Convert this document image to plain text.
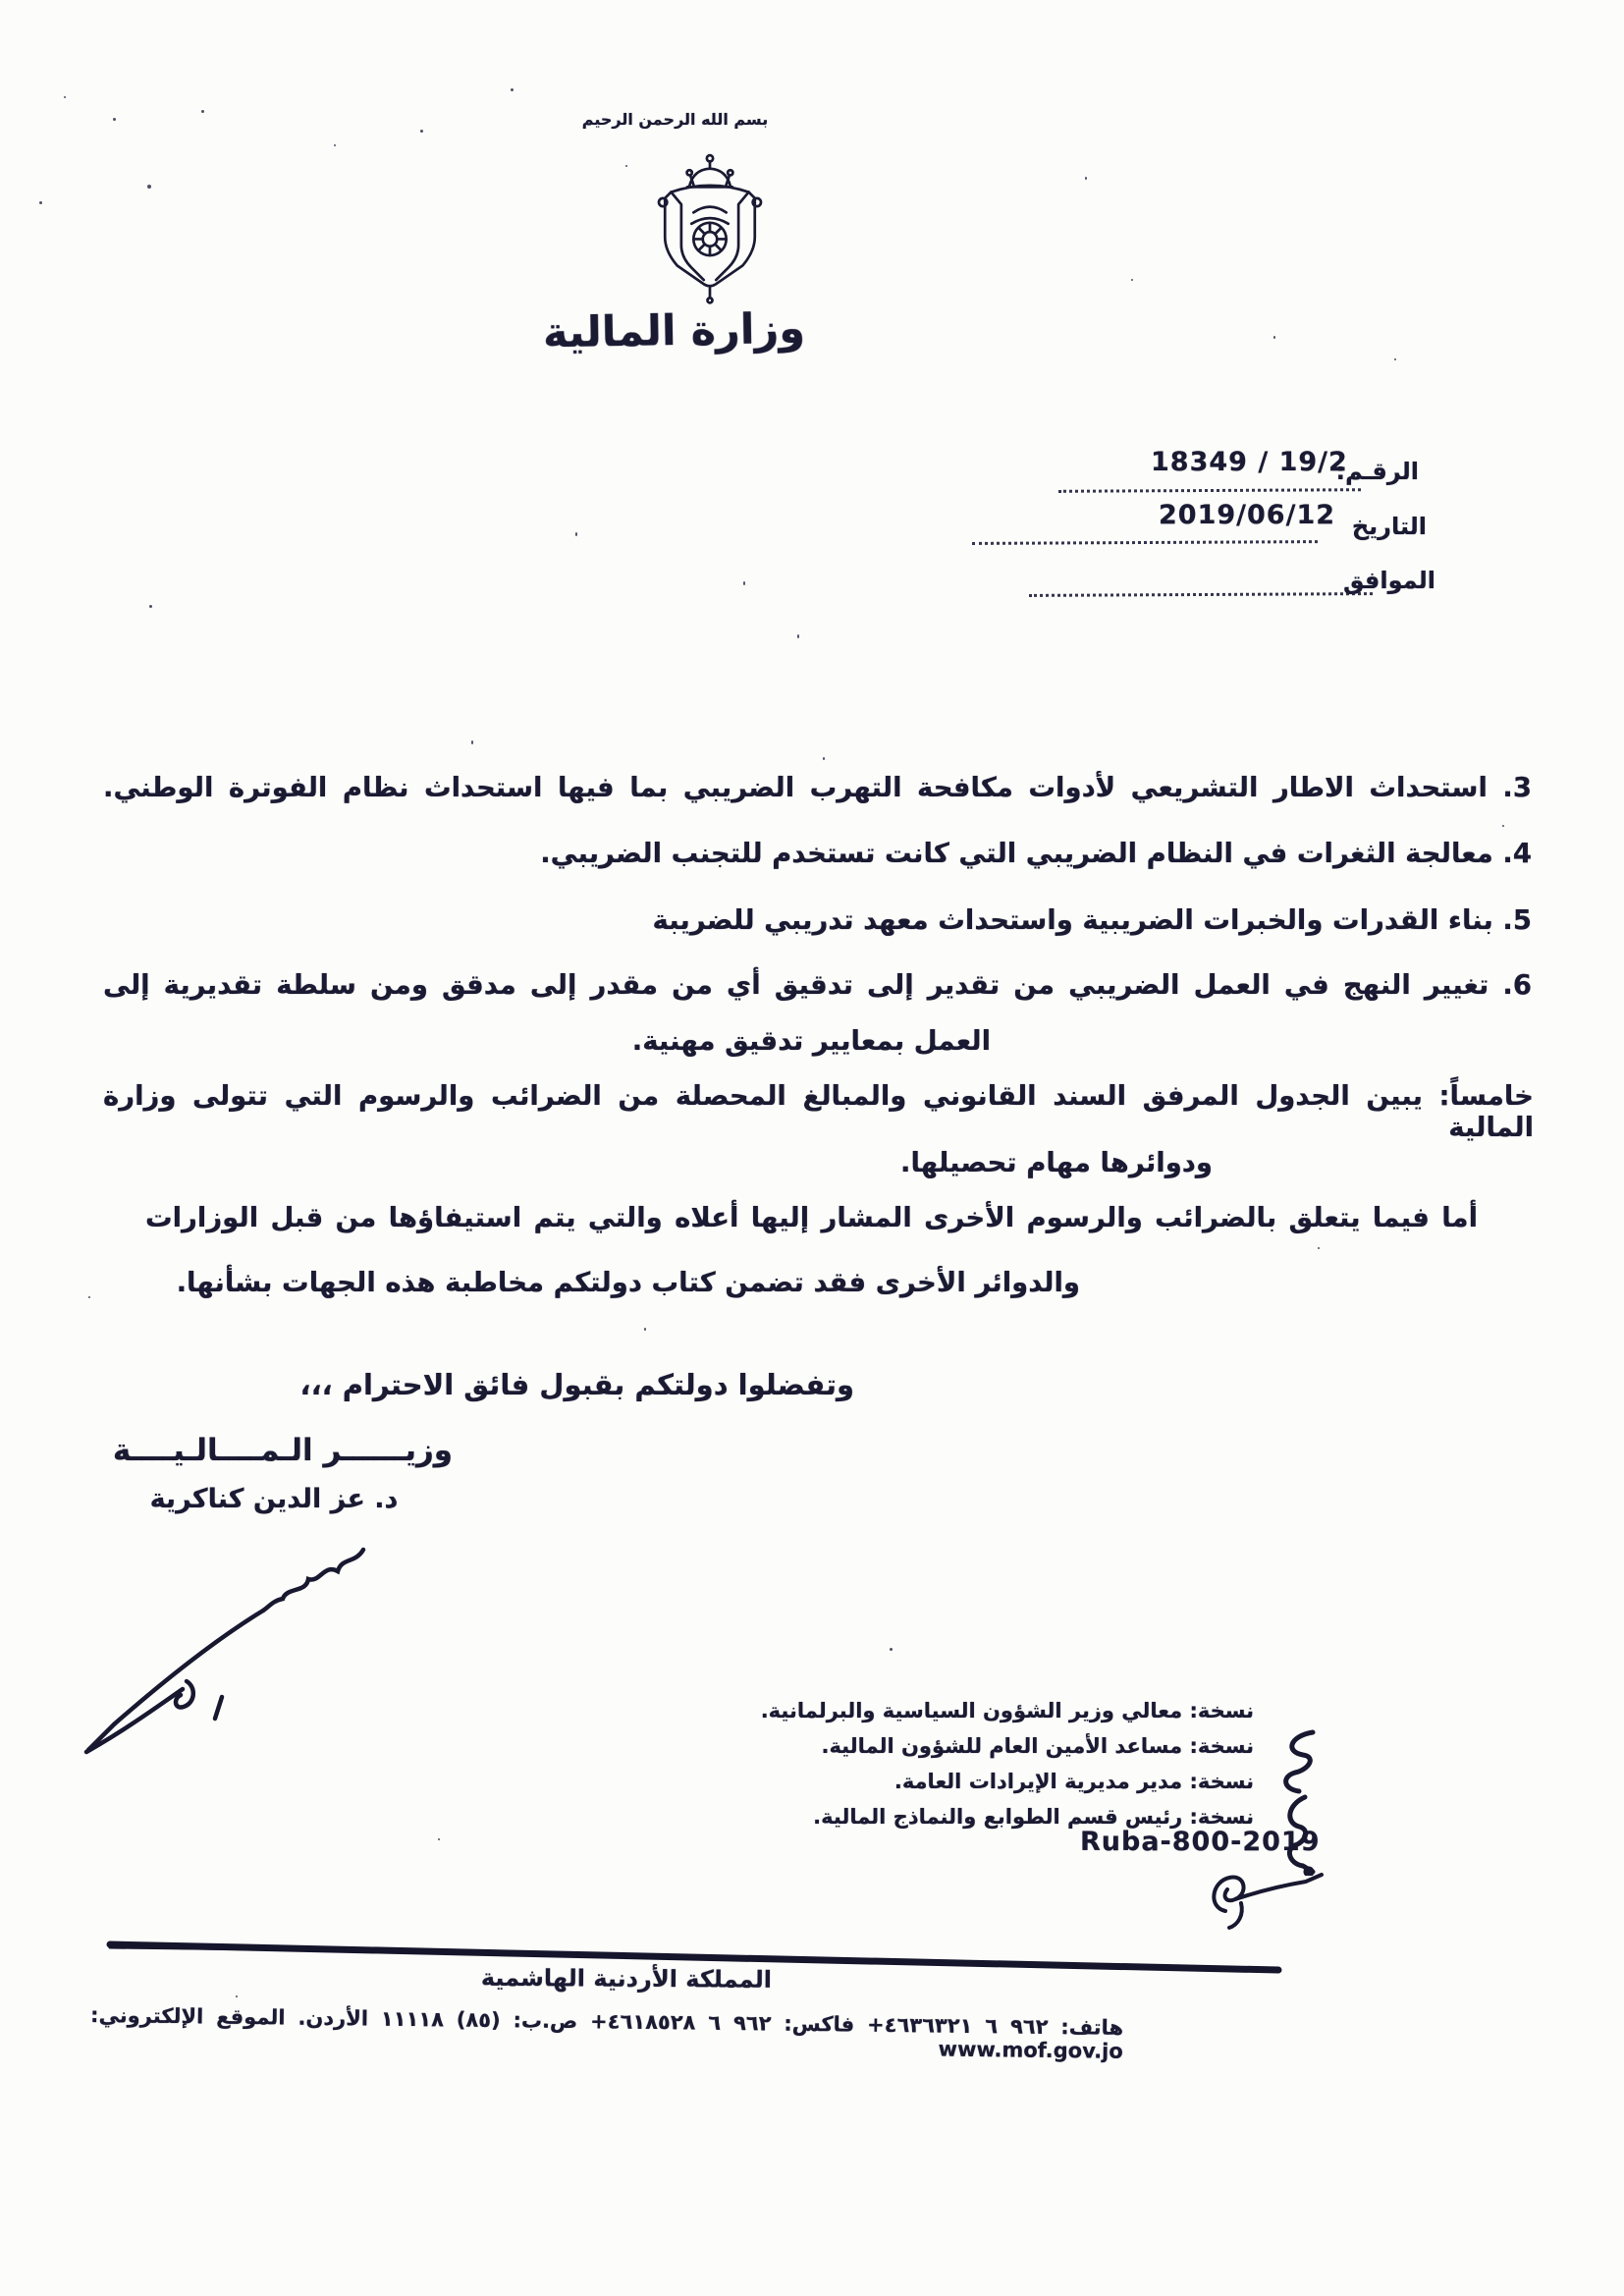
بسم الله الرحمن الرحيم
وزارة المالية
الرقـم:
18349 / 19/2
التاريخ
2019/06/12
الموافق
3. استحداث الاطار التشريعي لأدوات مكافحة التهرب الضريبي بما فيها استحداث نظام الفوترة الوطني.
4. معالجة الثغرات في النظام الضريبي التي كانت تستخدم للتجنب الضريبي.
5. بناء القدرات والخبرات الضريبية واستحداث معهد تدريبي للضريبة
6. تغيير النهج في العمل الضريبي من تقدير إلى تدقيق أي من مقدر إلى مدقق ومن سلطة تقديرية إلى
العمل بمعايير تدقيق مهنية.
خامساً: يبين الجدول المرفق السند القانوني والمبالغ المحصلة من الضرائب والرسوم التي تتولى وزارة المالية
ودوائرها مهام تحصيلها.
أما فيما يتعلق بالضرائب والرسوم الأخرى المشار إليها أعلاه والتي يتم استيفاؤها من قبل الوزارات
والدوائر الأخرى فقد تضمن كتاب دولتكم مخاطبة هذه الجهات بشأنها.
وتفضلوا دولتكم بقبول فائق الاحترام ،،،
وزيــــــر الـمــــالـيــــة
د. عز الدين كناكرية
نسخة: معالي وزير الشؤون السياسية والبرلمانية.
نسخة: مساعد الأمين العام للشؤون المالية.
نسخة: مدير مديرية الإيرادات العامة.
نسخة: رئيس قسم الطوابع والنماذج المالية.
Ruba-800-2019
المملكة الأردنية الهاشمية
هاتف: ⁦+٩٦٢ ٦ ٤٦٣٦٣٢١⁩ فاكس: ⁦+٩٦٢ ٦ ٤٦١٨٥٢٨⁩ ص.ب: (٨٥) ١١١١٨ الأردن. الموقع الإلكتروني: ⁦www.mof.gov.jo⁩
